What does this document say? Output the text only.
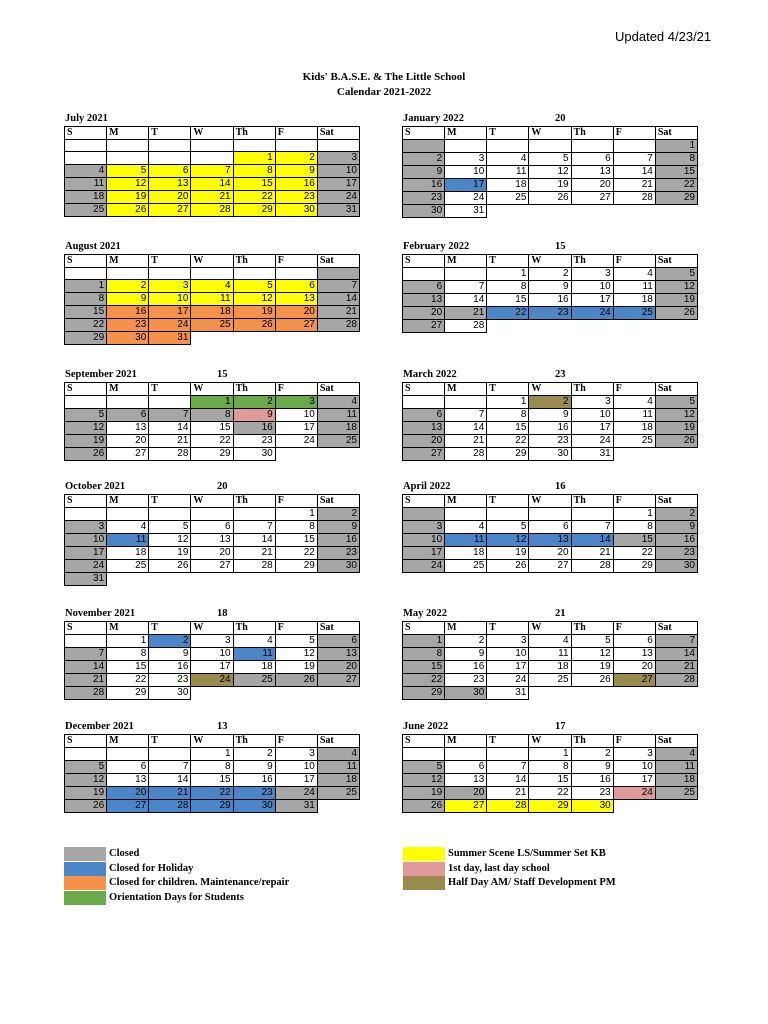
Updated 4/23/21
Kids' B.A.S.E. & The Little School
Calendar 2021-2022
July 2021
S	M	T	W	Th	F	Sat

				1	2	3
4	5	6	7	8	9	10
11	12	13	14	15	16	17
18	19	20	21	22	23	24
25	26	27	28	29	30	31
January 2022	20
S	M	T	W	Th	F	Sat
						1
2	3	4	5	6	7	8
9	10	11	12	13	14	15
16	17	18	19	20	21	22
23	24	25	26	27	28	29
30	31					
August 2021
S	M	T	W	Th	F	Sat

1	2	3	4	5	6	7
8	9	10	11	12	13	14
15	16	17	18	19	20	21
22	23	24	25	26	27	28
29	30	31				
February 2022	15
S	M	T	W	Th	F	Sat
		1	2	3	4	5
6	7	8	9	10	11	12
13	14	15	16	17	18	19
20	21	22	23	24	25	26
27	28					
September 2021	15
S	M	T	W	Th	F	Sat
			1	2	3	4
5	6	7	8	9	10	11
12	13	14	15	16	17	18
19	20	21	22	23	24	25
26	27	28	29	30		
March 2022	23
S	M	T	W	Th	F	Sat
		1	2	3	4	5
6	7	8	9	10	11	12
13	14	15	16	17	18	19
20	21	22	23	24	25	26
27	28	29	30	31		
October 2021	20
S	M	T	W	Th	F	Sat
					1	2
3	4	5	6	7	8	9
10	11	12	13	14	15	16
17	18	19	20	21	22	23
24	25	26	27	28	29	30
31						
April 2022	16
S	M	T	W	Th	F	Sat
					1	2
3	4	5	6	7	8	9
10	11	12	13	14	15	16
17	18	19	20	21	22	23
24	25	26	27	28	29	30
November 2021	18
S	M	T	W	Th	F	Sat
	1	2	3	4	5	6
7	8	9	10	11	12	13
14	15	16	17	18	19	20
21	22	23	24	25	26	27
28	29	30				
May 2022	21
S	M	T	W	Th	F	Sat
1	2	3	4	5	6	7
8	9	10	11	12	13	14
15	16	17	18	19	20	21
22	23	24	25	26	27	28
29	30	31				
December 2021	13
S	M	T	W	Th	F	Sat
			1	2	3	4
5	6	7	8	9	10	11
12	13	14	15	16	17	18
19	20	21	22	23	24	25
26	27	28	29	30	31	
June 2022	17
S	M	T	W	Th	F	Sat
			1	2	3	4
5	6	7	8	9	10	11
12	13	14	15	16	17	18
19	20	21	22	23	24	25
26	27	28	29	30		
Closed
Closed for Holiday
Closed for children. Maintenance/repair
Orientation Days for Students
Summer Scene LS/Summer Set KB
1st day, last day school
Half Day AM/ Staff Development PM
